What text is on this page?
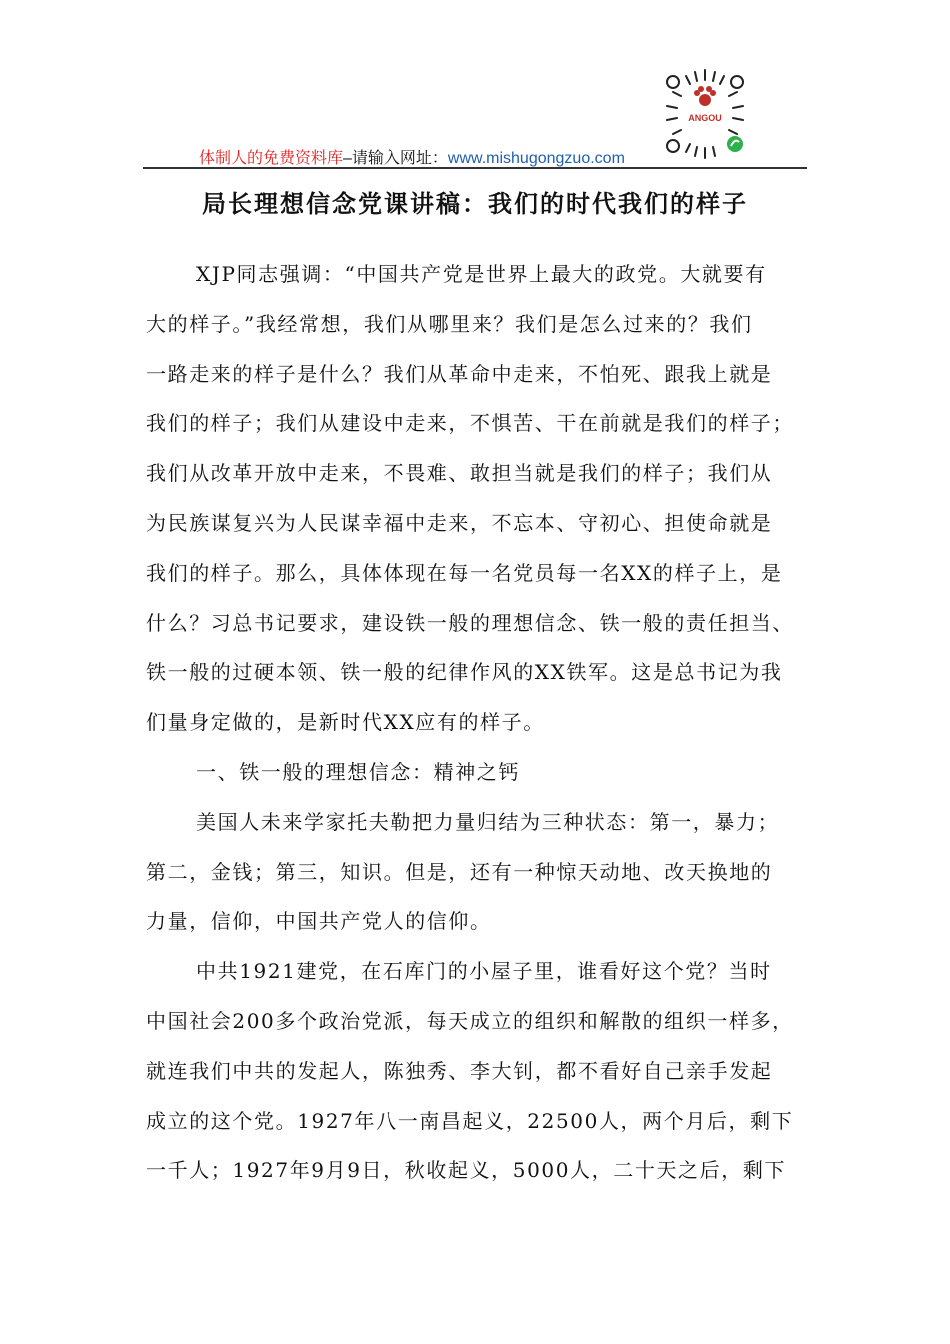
ANGOU
体制人的免费资料库–请输入网址：www.mishugongzuo.com
局长理想信念党课讲稿：我们的时代我们的样子
XJP同志强调：“中国共产党是世界上最大的政党。大就要有
大的样子。”我经常想，我们从哪里来？我们是怎么过来的？我们
一路走来的样子是什么？我们从革命中走来，不怕死、跟我上就是
我们的样子；我们从建设中走来，不惧苦、干在前就是我们的样子；
我们从改革开放中走来，不畏难、敢担当就是我们的样子；我们从
为民族谋复兴为人民谋幸福中走来，不忘本、守初心、担使命就是
我们的样子。那么，具体体现在每一名党员每一名XX的样子上，是
什么？习总书记要求，建设铁一般的理想信念、铁一般的责任担当、
铁一般的过硬本领、铁一般的纪律作风的XX铁军。这是总书记为我
们量身定做的，是新时代XX应有的样子。
一、铁一般的理想信念：精神之钙
美国人未来学家托夫勒把力量归结为三种状态：第一，暴力；
第二，金钱；第三，知识。但是，还有一种惊天动地、改天换地的
力量，信仰，中国共产党人的信仰。
中共1921建党，在石库门的小屋子里，谁看好这个党？当时
中国社会200多个政治党派，每天成立的组织和解散的组织一样多，
就连我们中共的发起人，陈独秀、李大钊，都不看好自己亲手发起
成立的这个党。1927年八一南昌起义，22500人，两个月后，剩下
一千人；1927年9月9日，秋收起义，5000人，二十天之后，剩下
